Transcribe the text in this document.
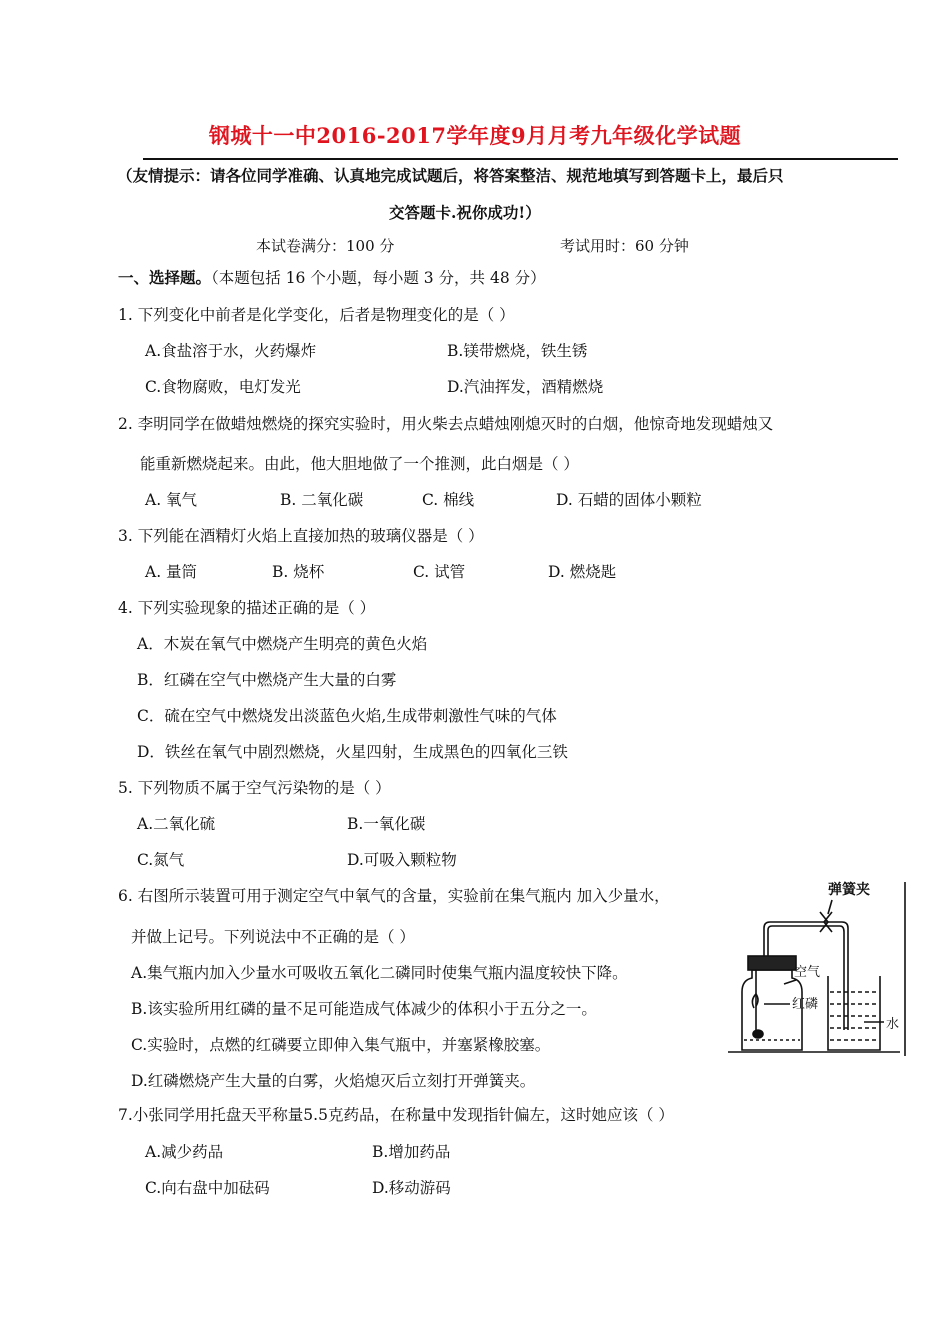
钢城十一中2016-2017学年度9月月考九年级化学试题
（友情提示：请各位同学准确、认真地完成试题后，将答案整洁、规范地填写到答题卡上，最后只
交答题卡.祝你成功!）
本试卷满分：100 分	考试用时：60 分钟
一、选择题。（本题包括 16 个小题，每小题 3 分，共 48 分）
1. 下列变化中前者是化学变化，后者是物理变化的是（ ）
A.食盐溶于水，火药爆炸	B.镁带燃烧，铁生锈
C.食物腐败，电灯发光	D.汽油挥发，酒精燃烧
2. 李明同学在做蜡烛燃烧的探究实验时，用火柴去点蜡烛刚熄灭时的白烟，他惊奇地发现蜡烛又
能重新燃烧起来。由此，他大胆地做了一个推测，此白烟是（ ）
A. 氧气	B. 二氧化碳	C. 棉线	D. 石蜡的固体小颗粒
3. 下列能在酒精灯火焰上直接加热的玻璃仪器是（ ）
A. 量筒	B. 烧杯	C. 试管	D. 燃烧匙
4. 下列实验现象的描述正确的是（ ）
A．木炭在氧气中燃烧产生明亮的黄色火焰
B．红磷在空气中燃烧产生大量的白雾
C．硫在空气中燃烧发出淡蓝色火焰,生成带刺激性气味的气体
D．铁丝在氧气中剧烈燃烧，火星四射，生成黑色的四氧化三铁
5. 下列物质不属于空气污染物的是（ ）
A.二氧化硫	B.一氧化碳
C.氮气	D.可吸入颗粒物
6. 右图所示装置可用于测定空气中氧气的含量，实验前在集气瓶内 加入少量水，
并做上记号。下列说法中不正确的是（ ）
A.集气瓶内加入少量水可吸收五氧化二磷同时使集气瓶内温度较快下降。
B.该实验所用红磷的量不足可能造成气体减少的体积小于五分之一。
C.实验时，点燃的红磷要立即伸入集气瓶中，并塞紧橡胶塞。
D.红磷燃烧产生大量的白雾，火焰熄灭后立刻打开弹簧夹。
弹簧夹
空气
红磷
水
7.小张同学用托盘天平称量5.5克药品，在称量中发现指针偏左，这时她应该（ ）
A.减少药品	B.增加药品
C.向右盘中加砝码	D.移动游码
